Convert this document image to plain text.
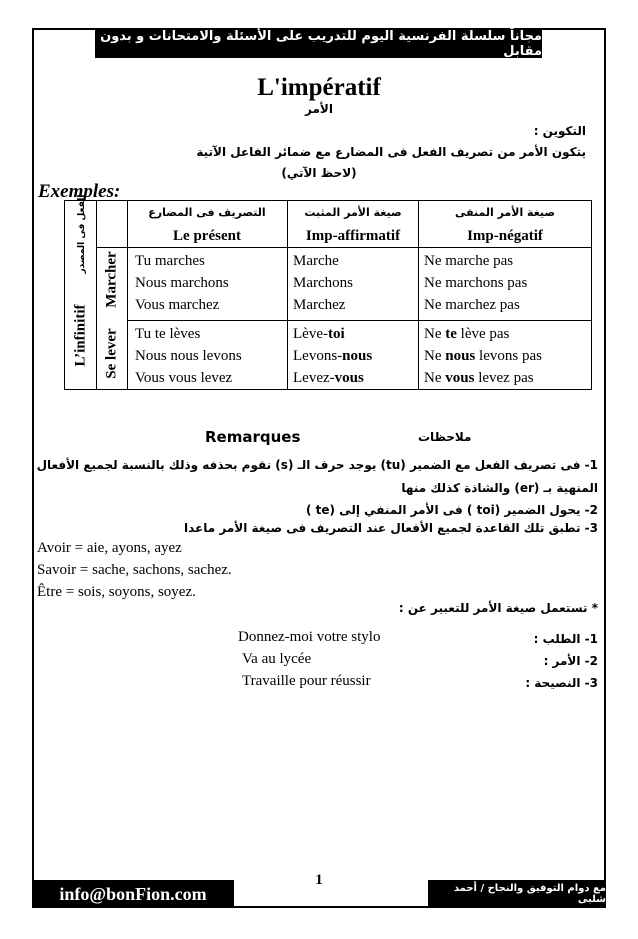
مجاناً سلسلة الفرنسية اليوم للتدريب على الأسئلة والامتحانات و بدون مقابل
L'impératif
الأمر
التكوين :
يتكون الأمر من تصريف الفعل فى المضارع مع ضمائر الفاعل الآتية
(لاحظ الآتي)
Exemples:
الفعل فى المصدر
L’infinitif
Marcher
Se lever
التصريف فى المضارع
Le présent
صيغة الأمر المثبت
Imp-affirmatif
صيغة الأمر المنفى
Imp-négatif
Tu marches
Nous marchons
Vous marchez
Marche
Marchons
Marchez
Ne marche pas
Ne marchons pas
Ne marchez pas
Tu te lèves
Nous nous levons
Vous vous levez
Lève-toi
Levons-nous
Levez-vous
Ne te lève pas
Ne nous levons pas
Ne vous levez pas
Remarques	ملاحظات
1- فى تصريف الفعل مع الضمير (tu) يوجد حرف الـ (s) نقوم بحذفه وذلك بالنسبة لجميع الأفعال
المنهية بـ (er) والشاذة كذلك منها
2- يحول الضمير (toi ) فى الأمر المنفي إلى (te )
3- تطبق تلك القاعدة لجميع الأفعال عند التصريف فى صيغة الأمر ماعدا
Avoir = aie, ayons, ayez
Savoir = sache, sachons, sachez.
Être = sois, soyons, soyez.
* تستعمل صيغة الأمر للتعبير عن :
1- الطلب :
Donnez-moi votre stylo
2- الأمر :
Va au lycée
3- النصيحة :
Travaille pour réussir
1
info@bonFion.com	مع دوام التوفيق والنجاح / أحمد شلبى
